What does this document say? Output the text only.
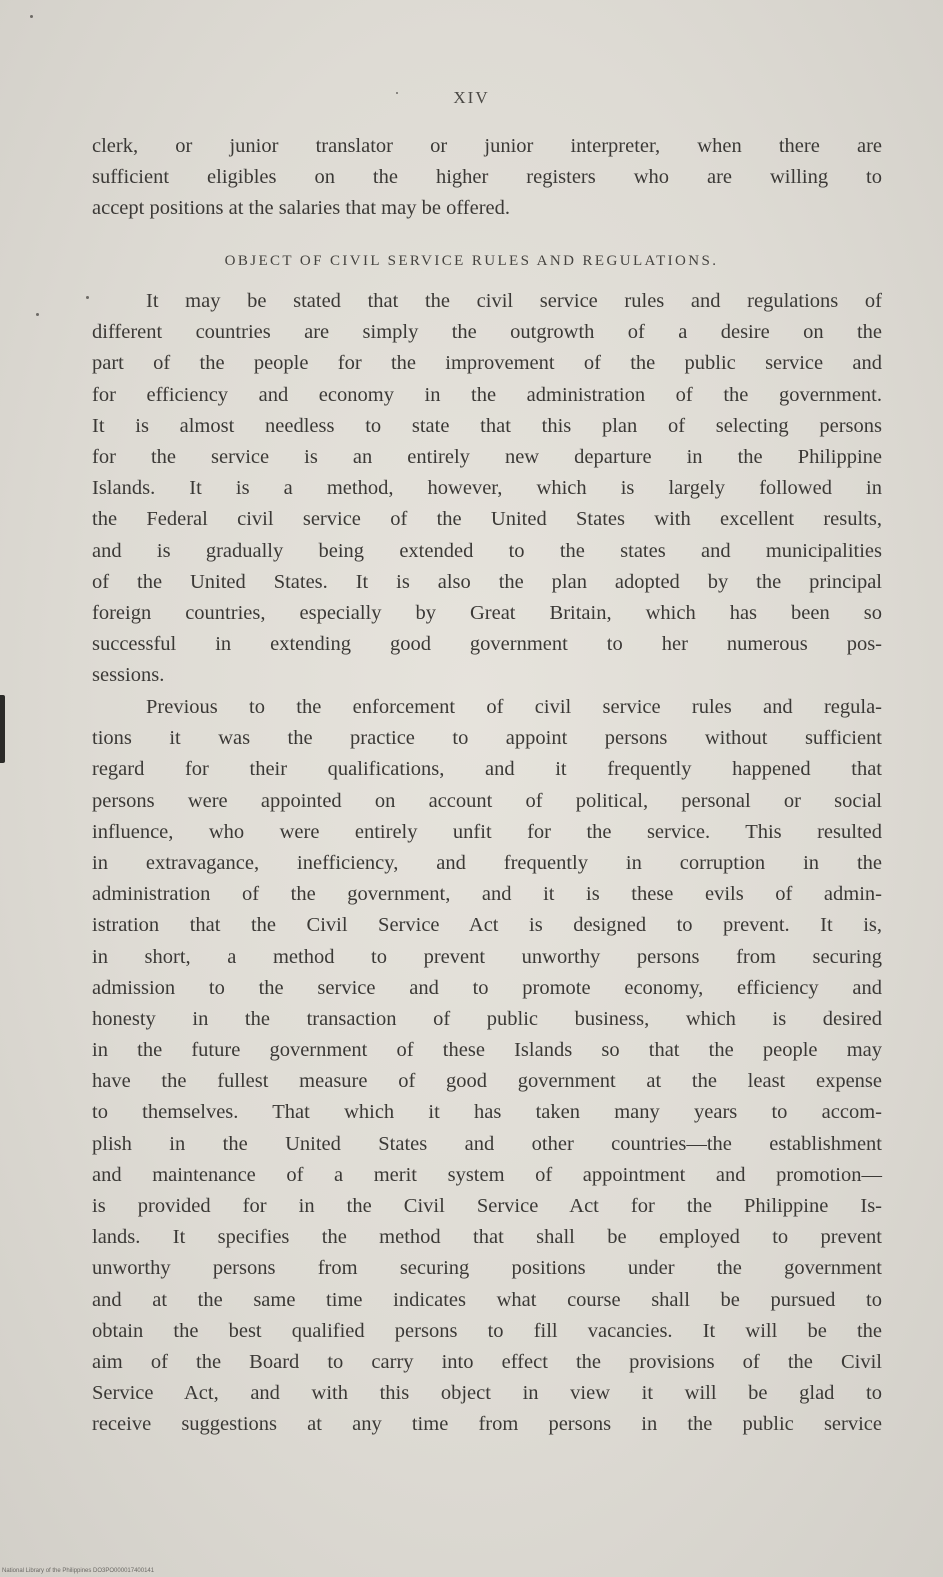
XIV
clerk, or junior translator or junior interpreter, when there are
sufficient eligibles on the higher registers who are willing to
accept positions at the salaries that may be offered.
OBJECT OF CIVIL SERVICE RULES AND REGULATIONS.
It may be stated that the civil service rules and regulations of
different countries are simply the outgrowth of a desire on the
part of the people for the improvement of the public service and
for efficiency and economy in the administration of the government.
It is almost needless to state that this plan of selecting persons
for the service is an entirely new departure in the Philippine
Islands. It is a method, however, which is largely followed in
the Federal civil service of the United States with excellent results,
and is gradually being extended to the states and municipalities
of the United States. It is also the plan adopted by the principal
foreign countries, especially by Great Britain, which has been so
successful in extending good government to her numerous pos-
sessions.
Previous to the enforcement of civil service rules and regula-
tions it was the practice to appoint persons without sufficient
regard for their qualifications, and it frequently happened that
persons were appointed on account of political, personal or social
influence, who were entirely unfit for the service. This resulted
in extravagance, inefficiency, and frequently in corruption in the
administration of the government, and it is these evils of admin-
istration that the Civil Service Act is designed to prevent. It is,
in short, a method to prevent unworthy persons from securing
admission to the service and to promote economy, efficiency and
honesty in the transaction of public business, which is desired
in the future government of these Islands so that the people may
have the fullest measure of good government at the least expense
to themselves. That which it has taken many years to accom-
plish in the United States and other countries—the establishment
and maintenance of a merit system of appointment and promotion—
is provided for in the Civil Service Act for the Philippine Is-
lands. It specifies the method that shall be employed to prevent
unworthy persons from securing positions under the government
and at the same time indicates what course shall be pursued to
obtain the best qualified persons to fill vacancies. It will be the
aim of the Board to carry into effect the provisions of the Civil
Service Act, and with this object in view it will be glad to
receive suggestions at any time from persons in the public service
National Library of the Philippines DO3PO000017400141
